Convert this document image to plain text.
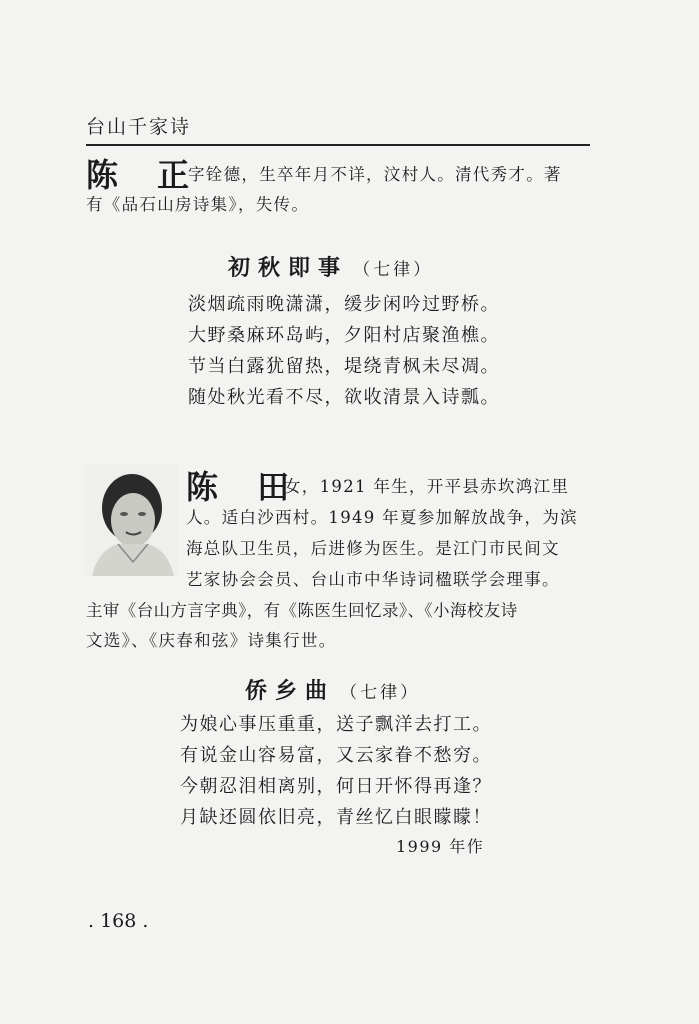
台山千家诗
陈 正
字铨德，生卒年月不详，汶村人。清代秀才。著
有《品石山房诗集》，失传。
初秋即事 （七律）
淡烟疏雨晚潇潇，缓步闲吟过野桥。
大野桑麻环岛屿，夕阳村店聚渔樵。
节当白露犹留热，堤绕青枫未尽凋。
随处秋光看不尽，欲收清景入诗瓢。
陈 田
女，1921 年生，开平县赤坎鸿江里
人。适白沙西村。1949 年夏参加解放战争，为滨
海总队卫生员，后进修为医生。是江门市民间文
艺家协会会员、台山市中华诗词楹联学会理事。
主审《台山方言字典》，有《陈医生回忆录》、《小海校友诗
文选》、《庆春和弦》诗集行世。
侨乡曲 （七律）
为娘心事压重重，送子飘洋去打工。
有说金山容易富，又云家眷不愁穷。
今朝忍泪相离别，何日开怀得再逢？
月缺还圆依旧亮，青丝忆白眼矇矇！
1999 年作
. 168 .
